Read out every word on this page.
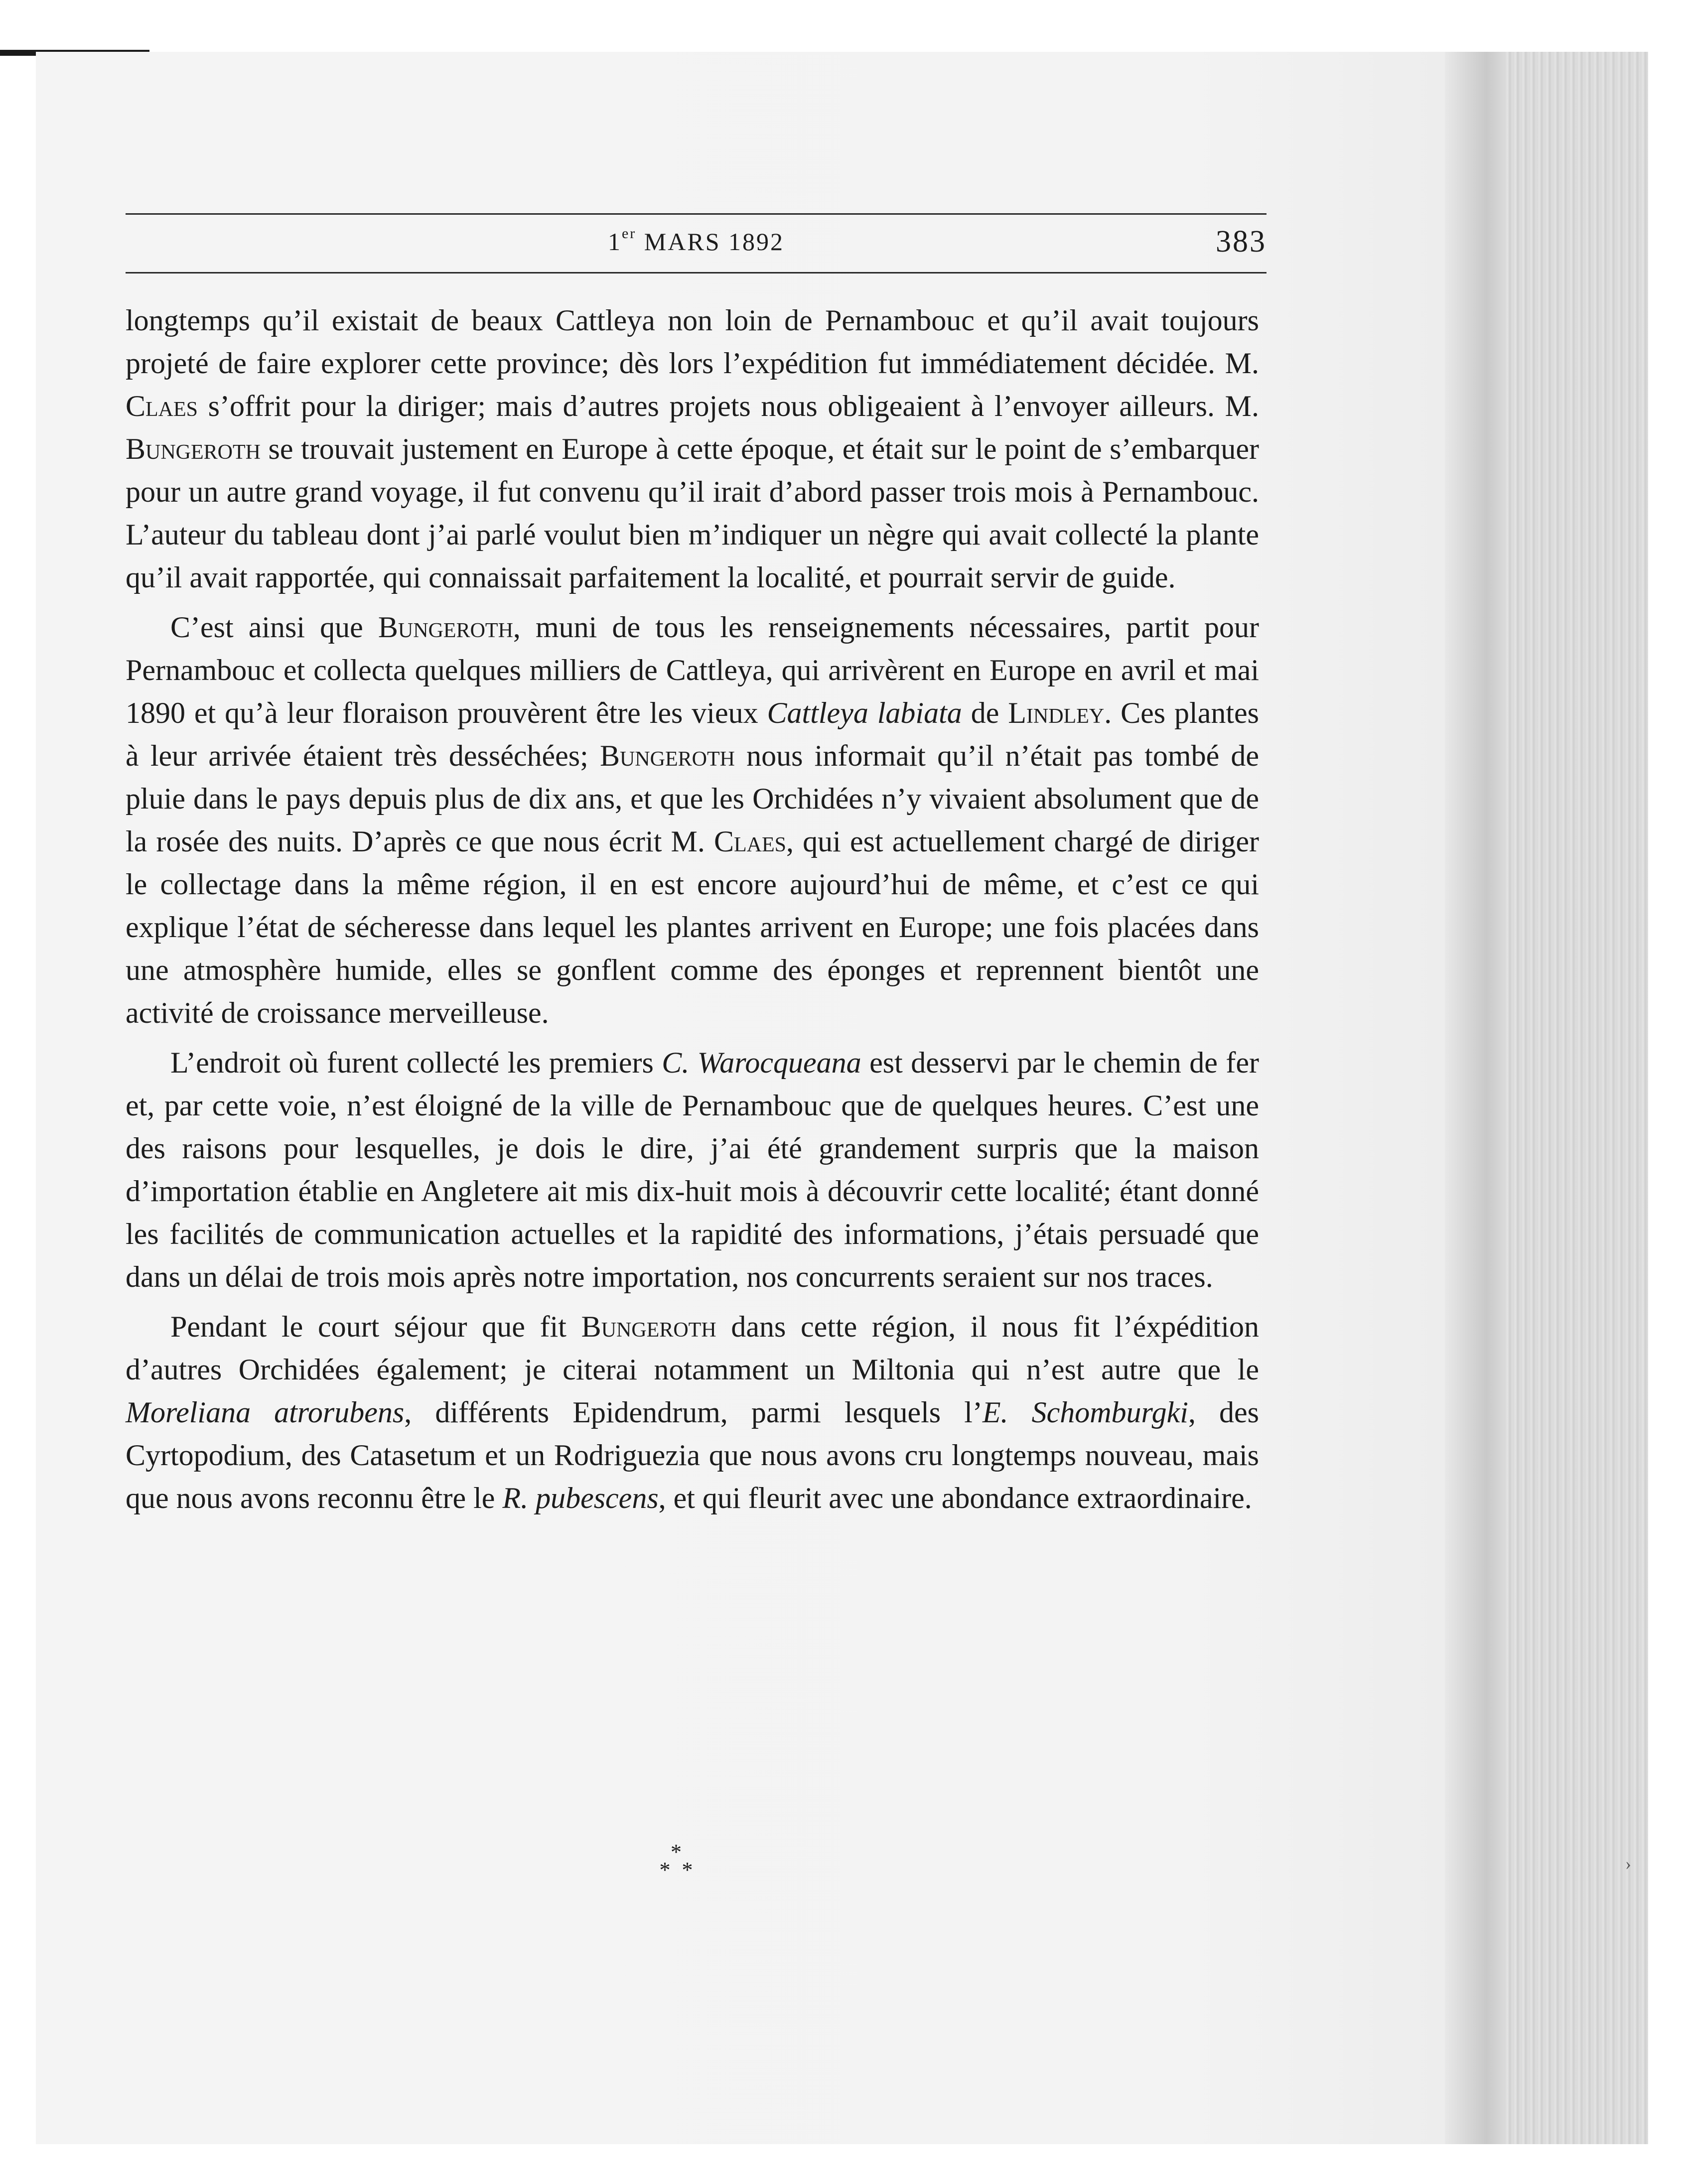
›
1er MARS 1892	383

longtemps qu’il existait de beaux Cattleya non loin de Pernambouc et qu’il avait toujours projeté de faire explorer cette province; dès lors l’expédition fut immédiatement décidée. M. Claes s’offrit pour la diriger; mais d’autres projets nous obligeaient à l’envoyer ailleurs. M. Bungeroth se trouvait justement en Europe à cette époque, et était sur le point de s’embarquer pour un autre grand voyage, il fut convenu qu’il irait d’abord passer trois mois à Pernambouc. L’auteur du tableau dont j’ai parlé voulut bien m’indiquer un nègre qui avait collecté la plante qu’il avait rapportée, qui connaissait parfaitement la localité, et pourrait servir de guide.

C’est ainsi que Bungeroth, muni de tous les renseignements nécessaires, partit pour Pernambouc et collecta quelques milliers de Cattleya, qui arrivèrent en Europe en avril et mai 1890 et qu’à leur floraison prouvèrent être les vieux Cattleya labiata de Lindley. Ces plantes à leur arrivée étaient très desséchées; Bungeroth nous informait qu’il n’était pas tombé de pluie dans le pays depuis plus de dix ans, et que les Orchidées n’y vivaient absolument que de la rosée des nuits. D’après ce que nous écrit M. Claes, qui est actuellement chargé de diriger le collectage dans la même région, il en est encore aujourd’hui de même, et c’est ce qui explique l’état de sécheresse dans lequel les plantes arrivent en Europe; une fois placées dans une atmosphère humide, elles se gonflent comme des éponges et reprennent bientôt une activité de croissance merveilleuse.

L’endroit où furent collecté les premiers C. Warocqueana est desservi par le chemin de fer et, par cette voie, n’est éloigné de la ville de Pernambouc que de quelques heures. C’est une des raisons pour lesquelles, je dois le dire, j’ai été grandement surpris que la maison d’importation établie en Angletere ait mis dix-huit mois à découvrir cette localité; étant donné les facilités de communication actuelles et la rapidité des informations, j’étais persuadé que dans un délai de trois mois après notre importation, nos concurrents seraient sur nos traces.

Pendant le court séjour que fit Bungeroth dans cette région, il nous fit l’éxpédition d’autres Orchidées également; je citerai notamment un Miltonia qui n’est autre que le Moreliana atrorubens, différents Epidendrum, parmi lesquels l’E. Schomburgki, des Cyrtopodium, des Catasetum et un Rodriguezia que nous avons cru longtemps nouveau, mais que nous avons reconnu être le R. pubescens, et qui fleurit avec une abondance extraordinaire.

*
* *
